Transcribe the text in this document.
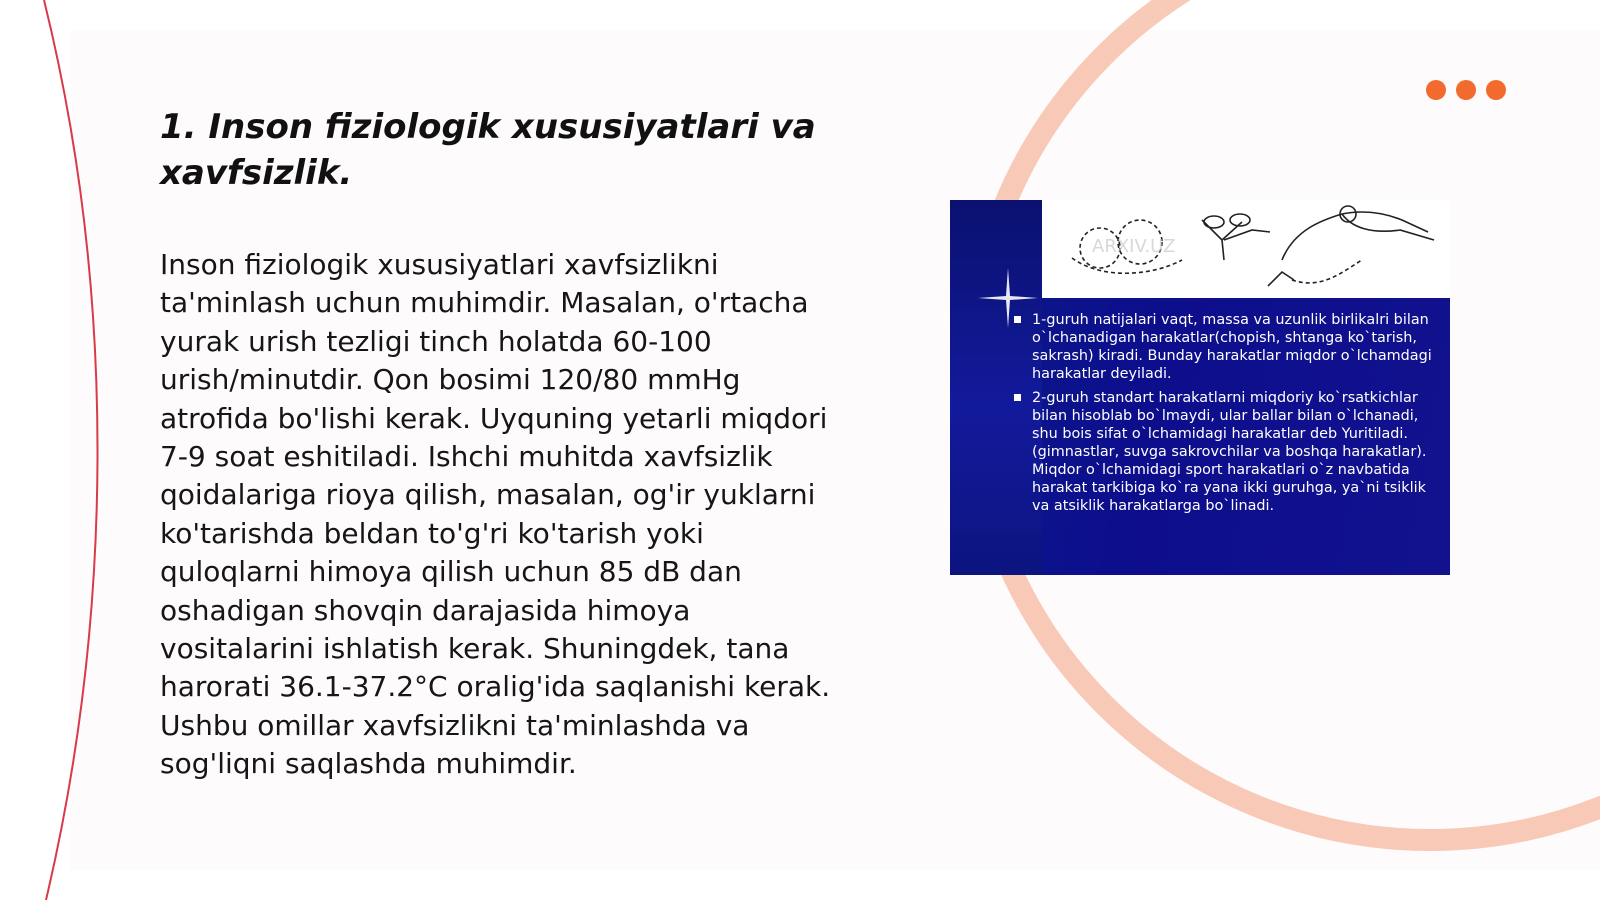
1. Inson fiziologik xususiyatlari va xavfsizlik.

Inson fiziologik xususiyatlari xavfsizlikni ta'minlash uchun muhimdir. Masalan, o'rtacha yurak urish tezligi tinch holatda 60-100 urish/minutdir. Qon bosimi 120/80 mmHg atrofida bo'lishi kerak. Uyquning yetarli miqdori 7-9 soat eshitiladi. Ishchi muhitda xavfsizlik qoidalariga rioya qilish, masalan, og'ir yuklarni ko'tarishda beldan to'g'ri ko'tarish yoki quloqlarni himoya qilish uchun 85 dB dan oshadigan shovqin darajasida himoya vositalarini ishlatish kerak. Shuningdek, tana harorati 36.1-37.2°C oralig'ida saqlanishi kerak. Ushbu omillar xavfsizlikni ta'minlashda va sog'liqni saqlashda muhimdir.

ARXIV.UZ
1-guruh natijalari vaqt, massa va uzunlik birlikalri bilan o`lchanadigan harakatlar(chopish, shtanga ko`tarish, sakrash) kiradi. Bunday harakatlar miqdor o`lchamdagi harakatlar deyiladi.
2-guruh standart harakatlarni miqdoriy ko`rsatkichlar bilan hisoblab bo`lmaydi, ular ballar bilan o`lchanadi, shu bois sifat o`lchamidagi harakatlar deb Yuritiladi. (gimnastlar, suvga sakrovchilar va boshqa harakatlar). Miqdor o`lchamidagi sport harakatlari o`z navbatida harakat tarkibiga ko`ra yana ikki guruhga, ya`ni tsiklik va atsiklik harakatlarga bo`linadi.
